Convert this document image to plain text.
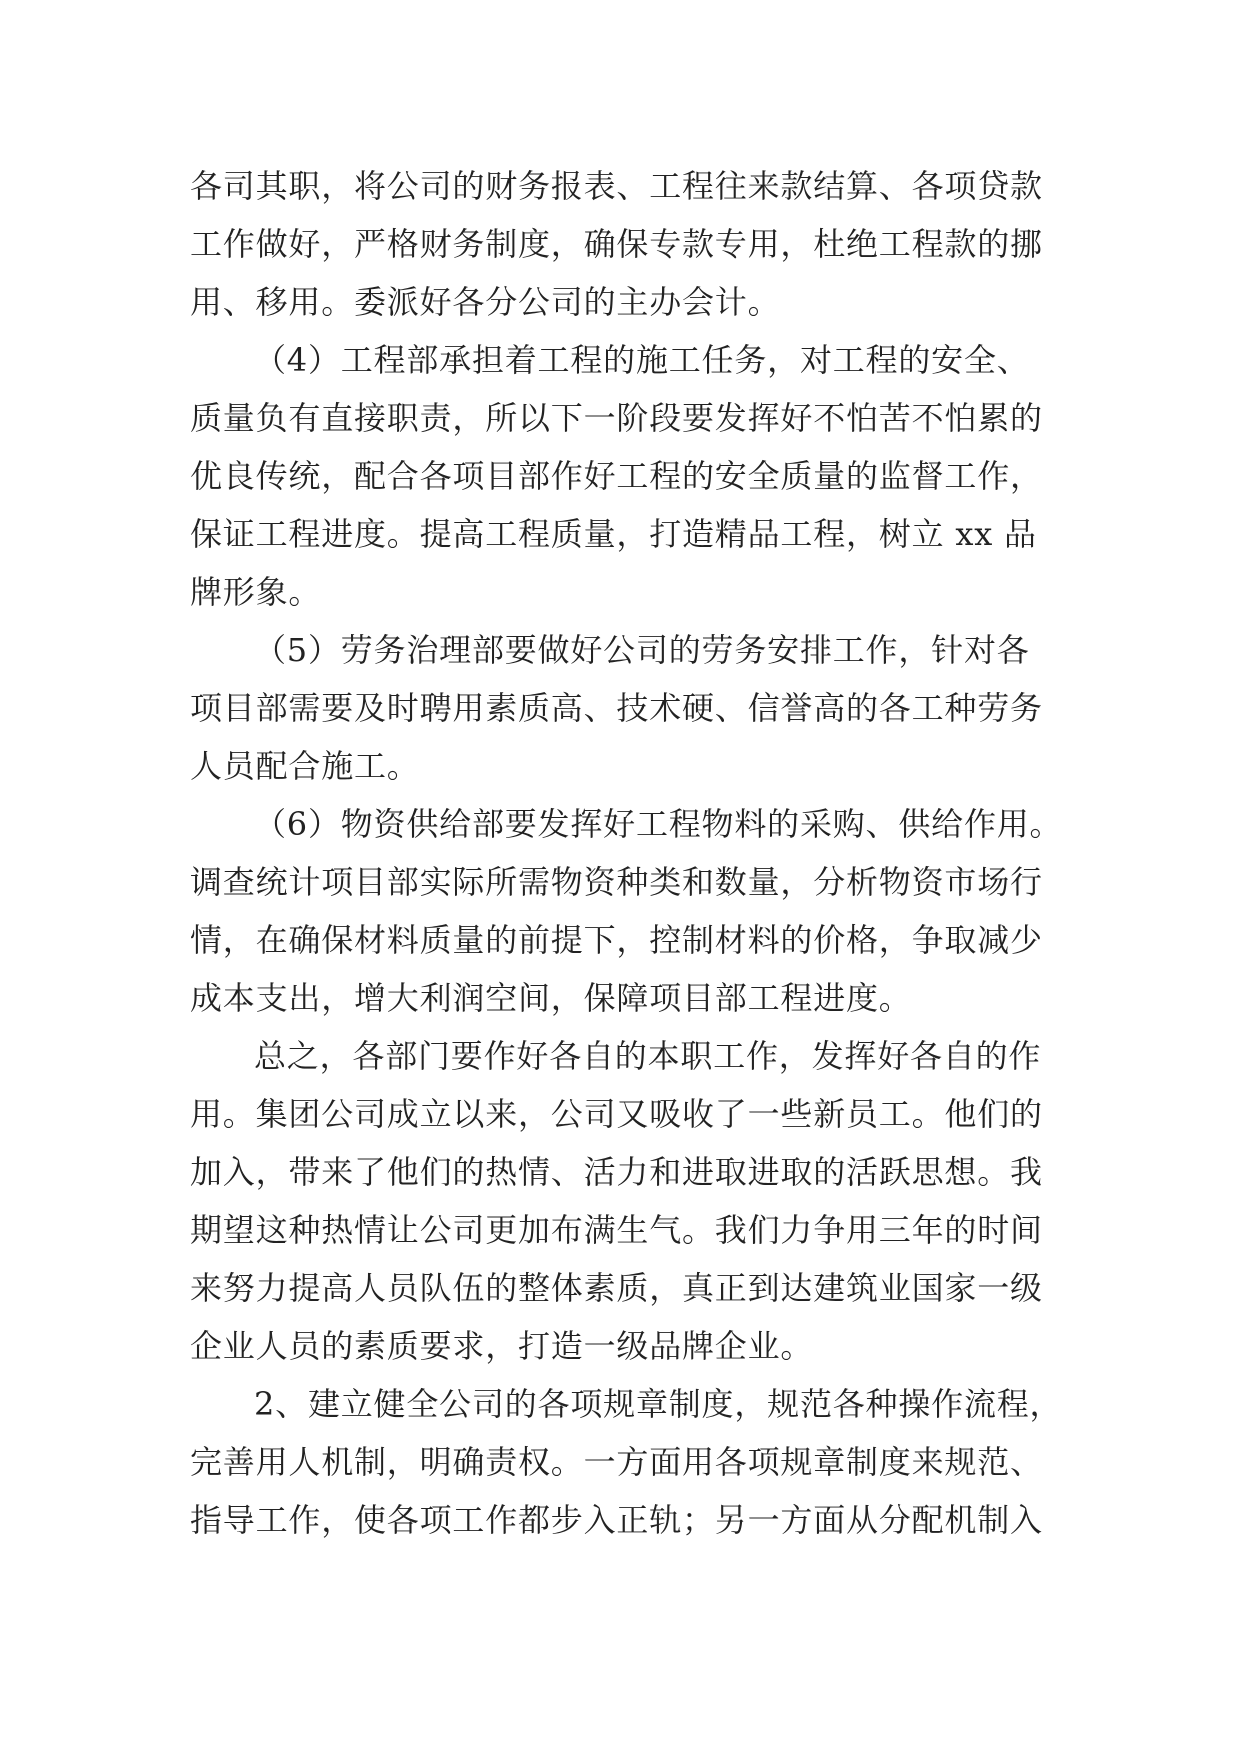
各司其职，将公司的财务报表、工程往来款结算、各项贷款
工作做好，严格财务制度，确保专款专用，杜绝工程款的挪
用、移用。委派好各分公司的主办会计。
（4）工程部承担着工程的施工任务，对工程的安全、
质量负有直接职责，所以下一阶段要发挥好不怕苦不怕累的
优良传统，配合各项目部作好工程的安全质量的监督工作，
保证工程进度。提高工程质量，打造精品工程，树立 xx 品
牌形象。
（5）劳务治理部要做好公司的劳务安排工作，针对各
项目部需要及时聘用素质高、技术硬、信誉高的各工种劳务
人员配合施工。
（6）物资供给部要发挥好工程物料的采购、供给作用。
调查统计项目部实际所需物资种类和数量，分析物资市场行
情，在确保材料质量的前提下，控制材料的价格，争取减少
成本支出，增大利润空间，保障项目部工程进度。
总之，各部门要作好各自的本职工作，发挥好各自的作
用。集团公司成立以来，公司又吸收了一些新员工。他们的
加入，带来了他们的热情、活力和进取进取的活跃思想。我
期望这种热情让公司更加布满生气。我们力争用三年的时间
来努力提高人员队伍的整体素质，真正到达建筑业国家一级
企业人员的素质要求，打造一级品牌企业。
2、建立健全公司的各项规章制度，规范各种操作流程，
完善用人机制，明确责权。一方面用各项规章制度来规范、
指导工作，使各项工作都步入正轨；另一方面从分配机制入
